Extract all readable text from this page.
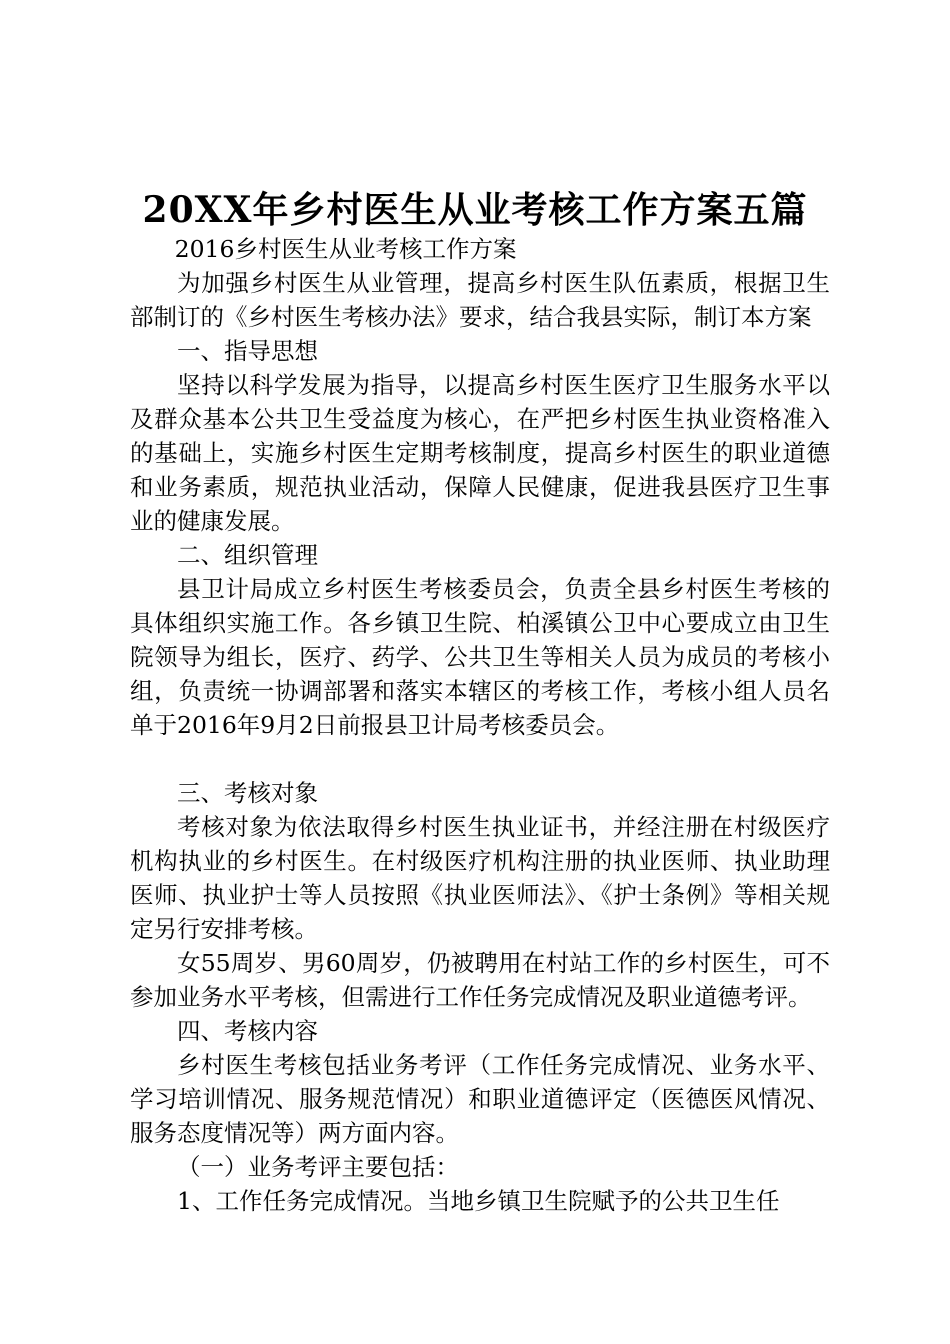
20XX年乡村医生从业考核工作方案五篇

2016乡村医生从业考核工作方案

为加强乡村医生从业管理，提高乡村医生队伍素质，根据卫生部制订的《乡村医生考核办法》要求，结合我县实际，制订本方案

一、指导思想

坚持以科学发展为指导，以提高乡村医生医疗卫生服务水平以及群众基本公共卫生受益度为核心，在严把乡村医生执业资格准入的基础上，实施乡村医生定期考核制度，提高乡村医生的职业道德和业务素质，规范执业活动，保障人民健康，促进我县医疗卫生事业的健康发展。

二、组织管理

县卫计局成立乡村医生考核委员会，负责全县乡村医生考核的具体组织实施工作。各乡镇卫生院、柏溪镇公卫中心要成立由卫生院领导为组长，医疗、药学、公共卫生等相关人员为成员的考核小组，负责统一协调部署和落实本辖区的考核工作，考核小组人员名单于2016年9月2日前报县卫计局考核委员会。

三、考核对象

考核对象为依法取得乡村医生执业证书，并经注册在村级医疗机构执业的乡村医生。在村级医疗机构注册的执业医师、执业助理医师、执业护士等人员按照《执业医师法》、《护士条例》等相关规定另行安排考核。

女55周岁、男60周岁，仍被聘用在村站工作的乡村医生，可不参加业务水平考核，但需进行工作任务完成情况及职业道德考评。

四、考核内容

乡村医生考核包括业务考评（工作任务完成情况、业务水平、学习培训情况、服务规范情况）和职业道德评定（医德医风情况、服务态度情况等）两方面内容。

（一）业务考评主要包括：

1、工作任务完成情况。当地乡镇卫生院赋予的公共卫生任
